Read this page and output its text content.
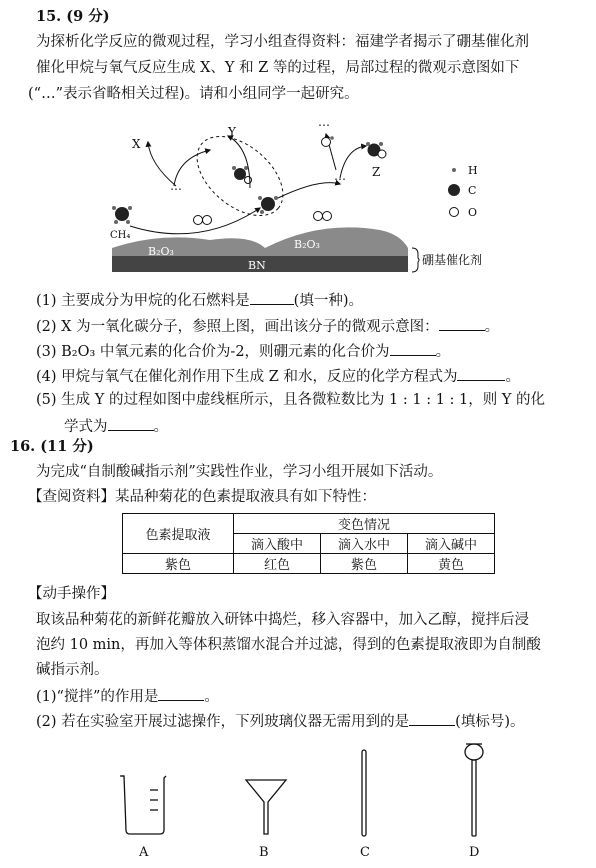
15. (9 分)
为探析化学反应的微观过程，学习小组查得资料：福建学者揭示了硼基催化剂
催化甲烷与氧气反应生成 X、Y 和 Z 等的过程，局部过程的微观示意图如下
(“…”表示省略相关过程)。请和小组同学一起研究。
B₂O₃
B₂O₃
BN	硼基催化剂
CH₄
…
…
…
X
Y
Z	H
C
O
(1) 主要成分为甲烷的化石燃料是	(填一种)。
(2) X 为一氧化碳分子，参照上图，画出该分子的微观示意图：	。
(3) B₂O₃ 中氧元素的化合价为-2，则硼元素的化合价为	。
(4) 甲烷与氧气在催化剂作用下生成 Z 和水，反应的化学方程式为	。
(5) 生成 Y 的过程如图中虚线框所示，且各微粒数比为 1 : 1 : 1 : 1，则 Y 的化
学式为	。
16. (11 分)
为完成“自制酸碱指示剂”实践性作业，学习小组开展如下活动。
【查阅资料】某品种菊花的色素提取液具有如下特性：
色素提取液	变色情况		
	滴入酸中	滴入水中	滴入碱中
紫色	红色	紫色	黄色
【动手操作】
取该品种菊花的新鲜花瓣放入研钵中捣烂，移入容器中，加入乙醇，搅拌后浸
泡约 10 min，再加入等体积蒸馏水混合并过滤，得到的色素提取液即为自制酸
碱指示剂。
(1)“搅拌”的作用是	。
(2) 若在实验室开展过滤操作，下列玻璃仪器无需用到的是	(填标号)。
A	B	C	D
